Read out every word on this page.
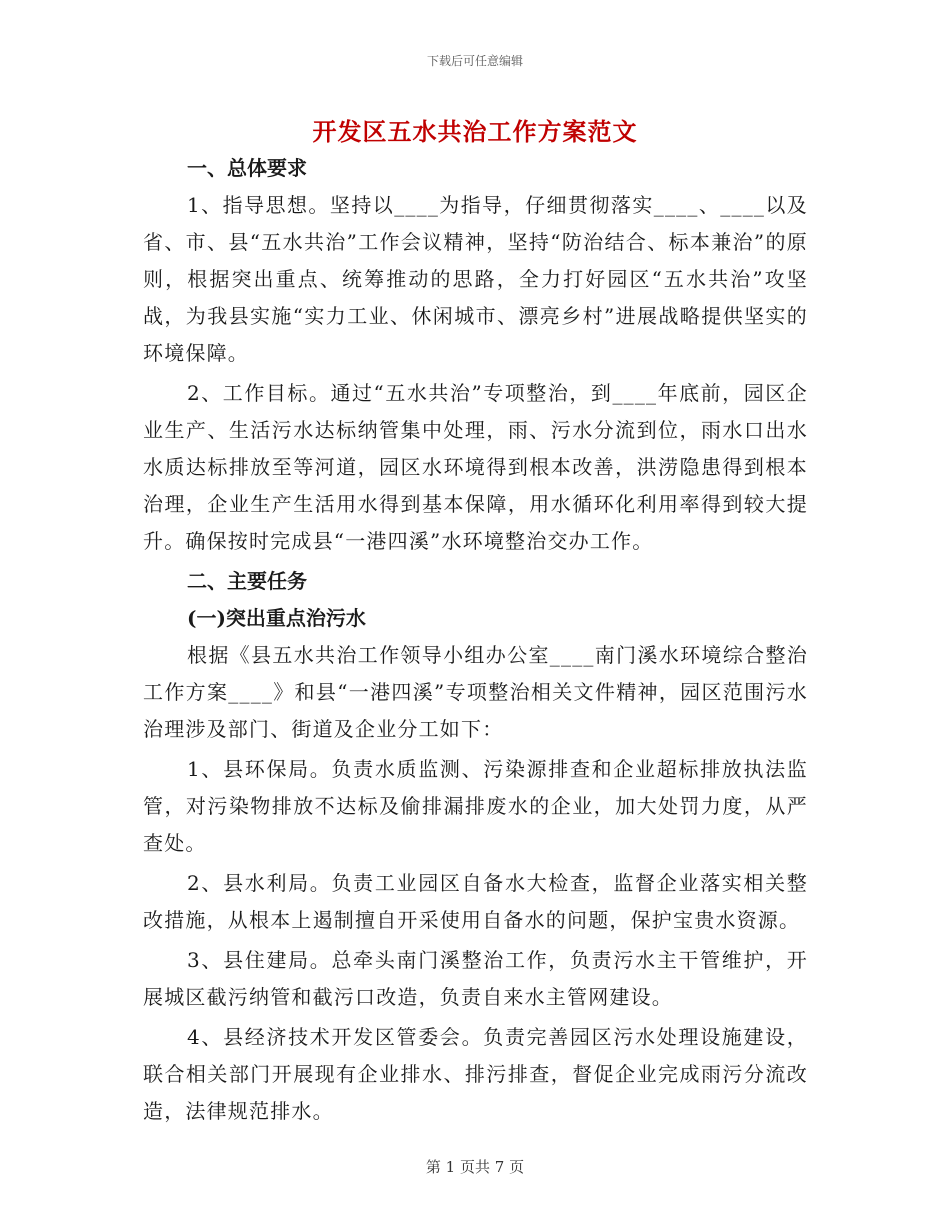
下载后可任意编辑
开发区五水共治工作方案范文
一、总体要求

1、指导思想。坚持以____为指导，仔细贯彻落实____、____以及省、市、县“五水共治”工作会议精神，坚持“防治结合、标本兼治”的原则，根据突出重点、统筹推动的思路，全力打好园区“五水共治”攻坚战，为我县实施“实力工业、休闲城市、漂亮乡村”进展战略提供坚实的环境保障。

2、工作目标。通过“五水共治”专项整治，到____年底前，园区企业生产、生活污水达标纳管集中处理，雨、污水分流到位，雨水口出水水质达标排放至等河道，园区水环境得到根本改善，洪涝隐患得到根本治理，企业生产生活用水得到基本保障，用水循环化利用率得到较大提升。确保按时完成县“一港四溪”水环境整治交办工作。

二、主要任务
(一)突出重点治污水

根据《县五水共治工作领导小组办公室____南门溪水环境综合整治工作方案____》和县“一港四溪”专项整治相关文件精神，园区范围污水治理涉及部门、街道及企业分工如下：

1、县环保局。负责水质监测、污染源排查和企业超标排放执法监管，对污染物排放不达标及偷排漏排废水的企业，加大处罚力度，从严查处。

2、县水利局。负责工业园区自备水大检查，监督企业落实相关整改措施，从根本上遏制擅自开采使用自备水的问题，保护宝贵水资源。

3、县住建局。总牵头南门溪整治工作，负责污水主干管维护，开展城区截污纳管和截污口改造，负责自来水主管网建设。

4、县经济技术开发区管委会。负责完善园区污水处理设施建设，联合相关部门开展现有企业排水、排污排查，督促企业完成雨污分流改造，法律规范排水。

第 1 页共 7 页
